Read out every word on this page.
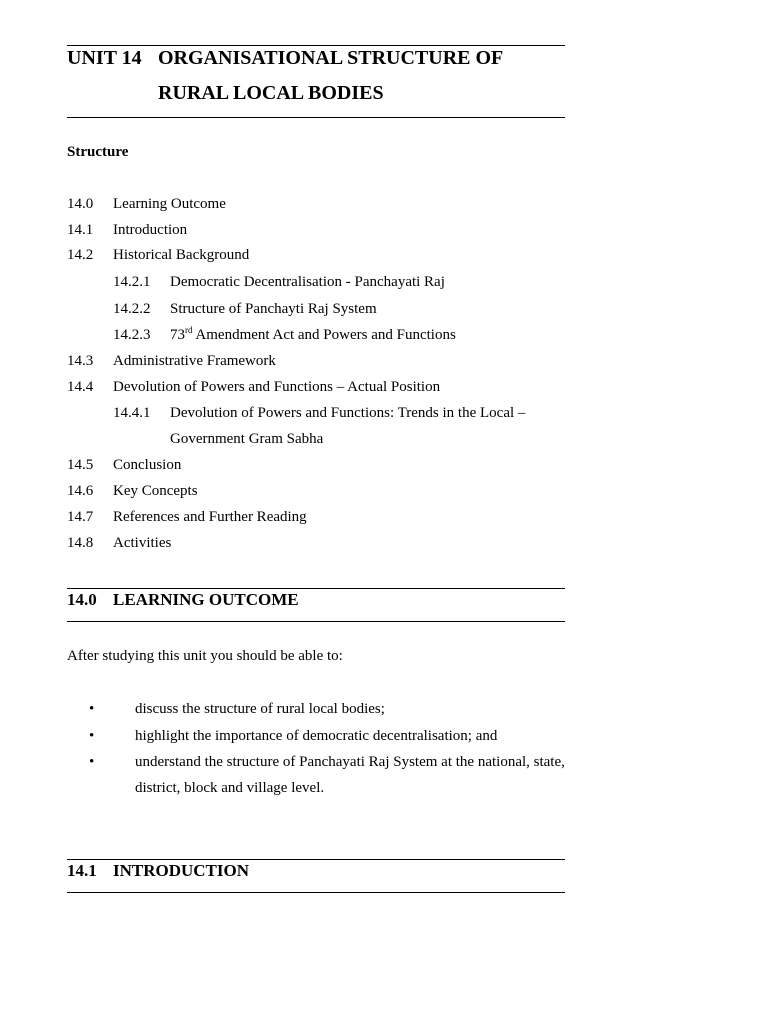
UNIT 14 ORGANISATIONAL STRUCTURE OF
RURAL LOCAL BODIES
Structure
14.0 Learning Outcome
14.1 Introduction
14.2 Historical Background
14.2.1 Democratic Decentralisation - Panchayati Raj
14.2.2 Structure of Panchayti Raj System
14.2.3 73rd Amendment Act and Powers and Functions
14.3 Administrative Framework
14.4 Devolution of Powers and Functions – Actual Position
14.4.1 Devolution of Powers and Functions: Trends in the Local –
Government Gram Sabha
14.5 Conclusion
14.6 Key Concepts
14.7 References and Further Reading
14.8 Activities
14.0 LEARNING OUTCOME
After studying this unit you should be able to:
•	discuss the structure of rural local bodies;
•	highlight the importance of democratic decentralisation; and
•	understand the structure of Panchayati Raj System at the national, state,
district, block and village level.
14.1 INTRODUCTION
